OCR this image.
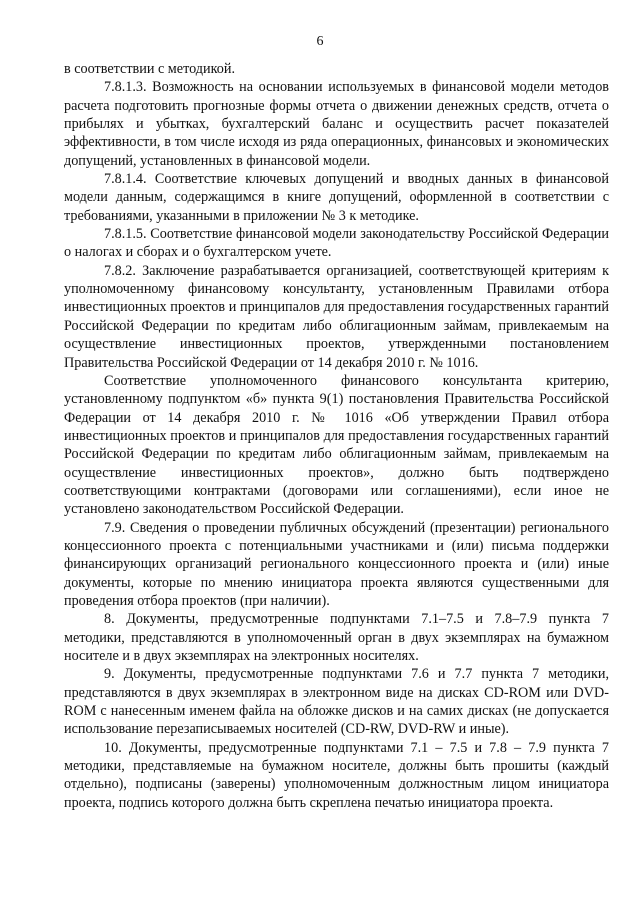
6

в соответствии с методикой.

7.8.1.3. Возможность на основании используемых в финансовой модели методов расчета подготовить прогнозные формы отчета о движении денежных средств, отчета о прибылях и убытках, бухгалтерский баланс и осуществить расчет показателей эффективности, в том числе исходя из ряда операционных, финансовых и экономических допущений, установленных в финансовой модели.

7.8.1.4. Соответствие ключевых допущений и вводных данных в финансовой модели данным, содержащимся в книге допущений, оформленной в соответствии с требованиями, указанными в приложении № 3 к методике.

7.8.1.5. Соответствие финансовой модели законодательству Российской Федерации о налогах и сборах и о бухгалтерском учете.

7.8.2. Заключение разрабатывается организацией, соответствующей критериям к уполномоченному финансовому консультанту, установленным Правилами отбора инвестиционных проектов и принципалов для предоставления государственных гарантий Российской Федерации по кредитам либо облигационным займам, привлекаемым на осуществление инвестиционных проектов, утвержденными постановлением Правительства Российской Федерации от 14 декабря 2010 г. № 1016.

Соответствие уполномоченного финансового консультанта критерию, установленному подпунктом «б» пункта 9(1) постановления Правительства Российской Федерации от 14 декабря 2010 г. № 1016 «Об утверждении Правил отбора инвестиционных проектов и принципалов для предоставления государственных гарантий Российской Федерации по кредитам либо облигационным займам, привлекаемым на осуществление инвестиционных проектов», должно быть подтверждено соответствующими контрактами (договорами или соглашениями), если иное не установлено законодательством Российской Федерации.

7.9. Сведения о проведении публичных обсуждений (презентации) регионального концессионного проекта с потенциальными участниками и (или) письма поддержки финансирующих организаций регионального концессионного проекта и (или) иные документы, которые по мнению инициатора проекта являются существенными для проведения отбора проектов (при наличии).

8. Документы, предусмотренные подпунктами 7.1–7.5 и 7.8–7.9 пункта 7 методики, представляются в уполномоченный орган в двух экземплярах на бумажном носителе и в двух экземплярах на электронных носителях.

9. Документы, предусмотренные подпунктами 7.6 и 7.7 пункта 7 методики, представляются в двух экземплярах в электронном виде на дисках CD-ROM или DVD-ROM с нанесенным именем файла на обложке дисков и на самих дисках (не допускается использование перезаписываемых носителей (CD-RW, DVD-RW и иные).

10. Документы, предусмотренные подпунктами 7.1 – 7.5 и 7.8 – 7.9 пункта 7 методики, представляемые на бумажном носителе, должны быть прошиты (каждый отдельно), подписаны (заверены) уполномоченным должностным лицом инициатора проекта, подпись которого должна быть скреплена печатью инициатора проекта.
